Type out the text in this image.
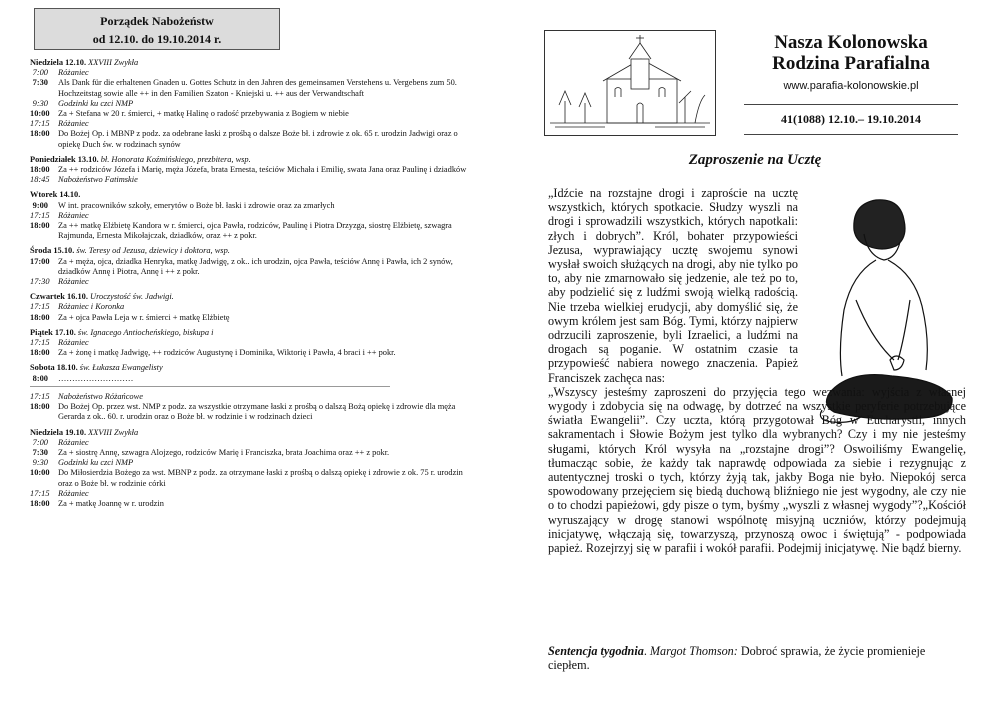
Porządek Nabożeństw
od 12.10. do 19.10.2014 r.
Niedziela 12.10. XXVIII Zwykła
7:00	Różaniec
7:30	Als Dank für die erhaltenen Gnaden u. Gottes Schutz in den Jahren des gemeinsamen Verstehens u. Vergebens zum 50. Hochzeitstag sowie alle ++ in den Familien Szaton - Kniejski u. ++ aus der Verwandtschaft
9:30	Godzinki ku czci NMP
10:00	Za + Stefana w 20 r. śmierci, + matkę Halinę o radość przebywania z Bogiem w niebie
17:15	Różaniec
18:00	Do Bożej Op. i MBNP z podz. za odebrane łaski z prośbą o dalsze Boże bł. i zdrowie z ok. 65 r. urodzin Jadwigi oraz o opiekę Duch św. w rodzinach synów
Poniedziałek 13.10. bł. Honorata Koźmińskiego, prezbitera, wsp.
18:00	Za ++ rodziców Józefa i Marię, męża Józefa, brata Ernesta, teściów Michała i Emilię, swata Jana oraz Paulinę i dziadków
18:45	Nabożeństwo Fatimskie
Wtorek 14.10.
9:00	W int. pracowników szkoły, emerytów o Boże bł. łaski i zdrowie oraz za zmarłych
17:15	Różaniec
18:00	Za ++ matkę Elżbietę Kandora w r. śmierci, ojca Pawła, rodziców, Paulinę i Piotra Drzyzga, siostrę Elżbietę, szwagra Rajmunda, Ernesta Mikołajczak, dziadków, oraz ++ z pokr.
Środa 15.10. św. Teresy od Jezusa, dziewicy i doktora, wsp.
17:00	Za + męża, ojca, dziadka Henryka, matkę Jadwigę, z ok.. ich urodzin, ojca Pawła, teściów Annę i Pawła, ich 2 synów, dziadków Annę i Piotra, Annę i ++ z pokr.
17:30	Różaniec
Czwartek 16.10. Uroczystość św. Jadwigi.
17:15	Różaniec i Koronka
18:00	Za + ojca Pawła Leja w r. śmierci + matkę Elżbietę
Piątek 17.10. św. Ignacego Antiocheńskiego, biskupa i
17:15	Różaniec
18:00	Za + żonę i matkę Jadwigę, ++ rodziców Augustynę i Dominika, Wiktorię i Pawła, 4 braci i ++ pokr.
Sobota 18.10. św. Łukasza Ewangelisty
8:00	………………………
17:15	Nabożeństwo Różańcowe
18:00	Do Bożej Op. przez wst. NMP z podz. za wszystkie otrzymane łaski z prośbą o dalszą Bożą opiekę i zdrowie dla męża Gerarda z ok.. 60. r. urodzin oraz o Boże bł. w rodzinie i w rodzinach dzieci
Niedziela 19.10. XXVIII Zwykła
7:00	Różaniec
7:30	Za + siostrę Annę, szwagra Alojzego, rodziców Marię i Franciszka, brata Joachima oraz ++ z pokr.
9:30	Godzinki ku czci NMP
10:00	Do Miłosierdzia Bożego za wst. MBNP z podz. za otrzymane łaski z prośbą o dalszą opiekę i zdrowie z ok. 75 r. urodzin oraz o Boże bł. w rodzinie córki
17:15	Różaniec
18:00	Za + matkę Joannę w r. urodzin
Nasza Kolonowska
Rodzina Parafialna
www.parafia-kolonowskie.pl
41(1088) 12.10.– 19.10.2014
Zaproszenie na Ucztę
„Idźcie na rozstajne drogi i zaproście na ucztę wszystkich, których spotkacie. Słudzy wyszli na drogi i sprowadzili wszystkich, których napotkali: złych i dobrych”. Król, bohater przypowieści Jezusa, wyprawiający ucztę swojemu synowi wysłał swoich służących na drogi, aby nie tylko po to, aby nie zmarnowało się jedzenie, ale też po to, aby podzielić się z ludźmi swoją wielką radością. Nie trzeba wielkiej erudycji, aby domyślić się, że owym królem jest sam Bóg. Tymi, którzy najpierw odrzucili zaproszenie, byli Izraelici, a ludźmi na drogach są poganie. W ostatnim czasie ta przypowieść nabiera nowego znaczenia. Papież Franciszek zachęca nas:
„Wszyscy jesteśmy zaproszeni do przyjęcia tego wezwania: wyjścia z własnej wygody i zdobycia się na odwagę, by dotrzeć na wszystkie peryferie potrzebujące światła Ewangelii”. Czy uczta, którą przygotował Bóg w Eucharystii, innych sakramentach i Słowie Bożym jest tylko dla wybranych? Czy i my nie jesteśmy sługami, których Król wysyła na „rozstajne drogi”? Oswoiliśmy Ewangelię, tłumacząc sobie, że każdy tak naprawdę odpowiada za siebie i rezygnując z autentycznej troski o tych, którzy żyją tak, jakby Boga nie było. Niepokój serca spowodowany przejęciem się biedą duchową bliźniego nie jest wygodny, ale czy nie o to chodzi papieżowi, gdy pisze o tym, byśmy „wyszli z własnej wygody”?„Kościół wyruszający w drogę stanowi wspólnotę misyjną uczniów, którzy podejmują inicjatywę, włączają się, towarzyszą, przynoszą owoc i świętują” - podpowiada papież. Rozejrzyj się w parafii i wokół parafii. Podejmij inicjatywę. Nie bądź bierny.
Sentencja tygodnia. Margot Thomson: Dobroć sprawia, że życie promienieje ciepłem.
